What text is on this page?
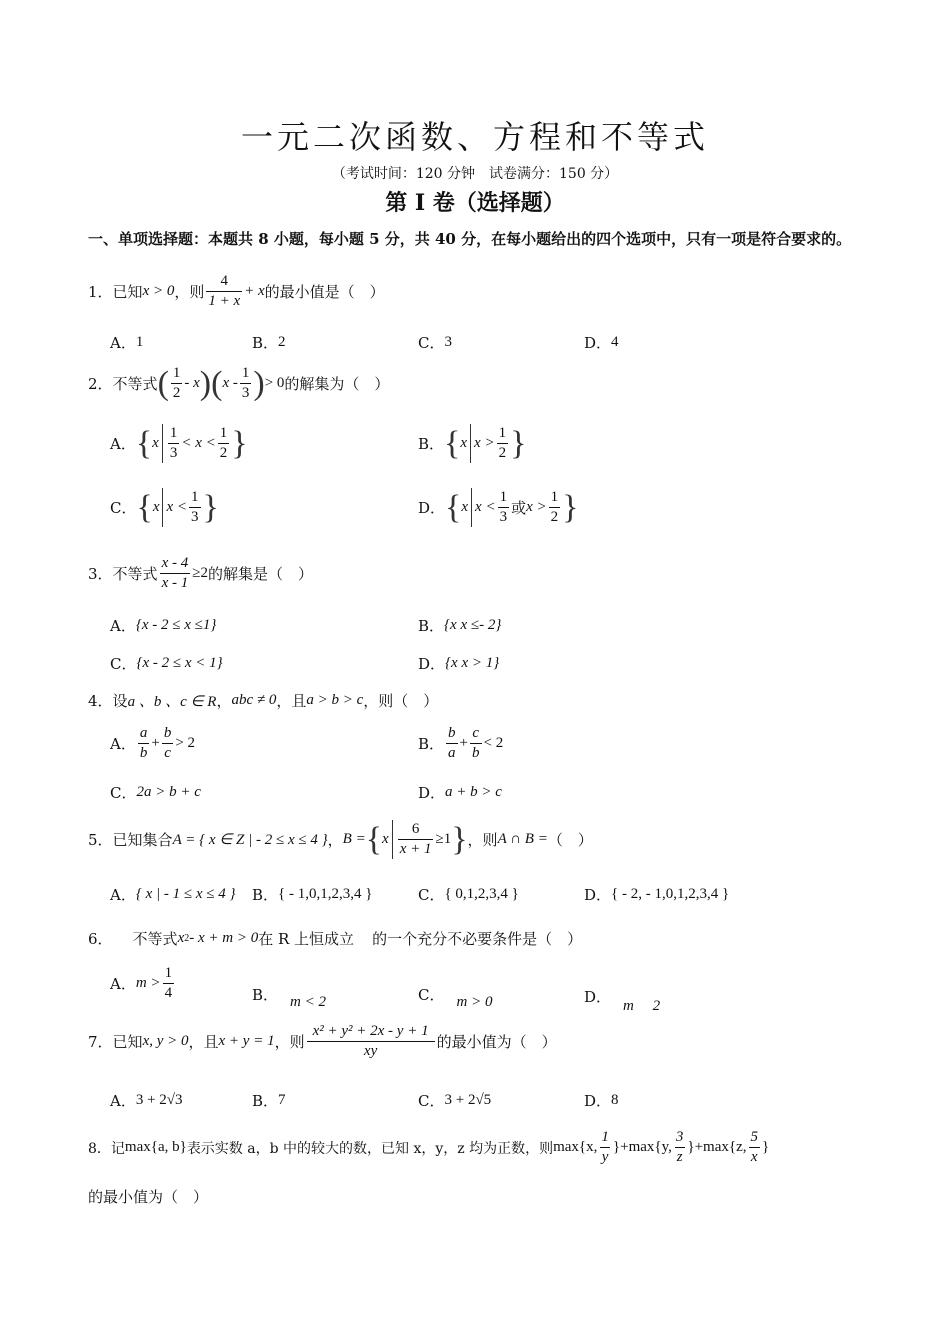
一元二次函数、方程和不等式
（考试时间：120 分钟　试卷满分：150 分）
第 I 卷（选择题）
一、单项选择题：本题共 8 小题，每小题 5 分，共 40 分，在每小题给出的四个选项中，只有一项是符合要求的。
1． 已知 x > 0 ，则 $\frac{4}{1 + x} + x$ 的最小值是（　）
A． 1	B． 2	C． 3	D． 4
2． 不等式 ( $\frac{1}{2}$ - x ) ( x - $\frac{1}{3}$ ) > 0 的解集为（　）
A． { x $\frac{1}{3} < x < \frac{1}{2}$ }	B． { x $x > \frac{1}{2}$ }
C． { x $x < \frac{1}{3}$ }	D． { x $x < \frac{1}{3}$ 或 $x > \frac{1}{2}$ }
3． 不等式 $\frac{x - 4}{x - 1} \ge 2$ 的解集是（　）
A． {x - 2 ≤ x ≤1}	B． {x x ≤- 2}
C． {x - 2 ≤ x < 1}	D． {x x > 1}
4． 设 a 、b 、c ∈ R ， abc ≠ 0 ，且 a > b > c ，则（　）
A． $\frac{a}{b} + \frac{b}{c} > 2$	B． $\frac{b}{a} + \frac{c}{b} < 2$
C． 2a > b + c	D． a + b > c
5． 已知集合 A = { x ∈ Z | - 2 ≤ x ≤ 4 } ， B = { x $\frac{6}{x + 1} \ge 1$ } ，则 A ∩ B = （　）
A． { x | - 1 ≤ x ≤ 4 } B． { - 1,0,1,2,3,4 }	C． { 0,1,2,3,4 }	D． { - 2, - 1,0,1,2,3,4 }
6． 不等式 x 2 - x + m > 0 在 R 上恒成立 的一个充分不必要条件是（　）
A． $m > \frac{1}{4}$	B． m < 2	C． m > 0	D． m　 2
7． 已知 x, y > 0 ，且 x + y = 1 ，则 $\frac{\text{x² + y² + 2x - y + 1}}{xy}$ 的最小值为（　）
A． 3 + 2√3	B． 7	C． 3 + 2√5	D． 8
8． 记 max{a, b} 表示实数 a，b 中的较大的数，已知 x，y，z 均为正数，则 max{x, $\frac{1}{y}$ } + max{y, $\frac{3}{z}$ } + max{z, $\frac{5}{x}$ }
的最小值为（　）
